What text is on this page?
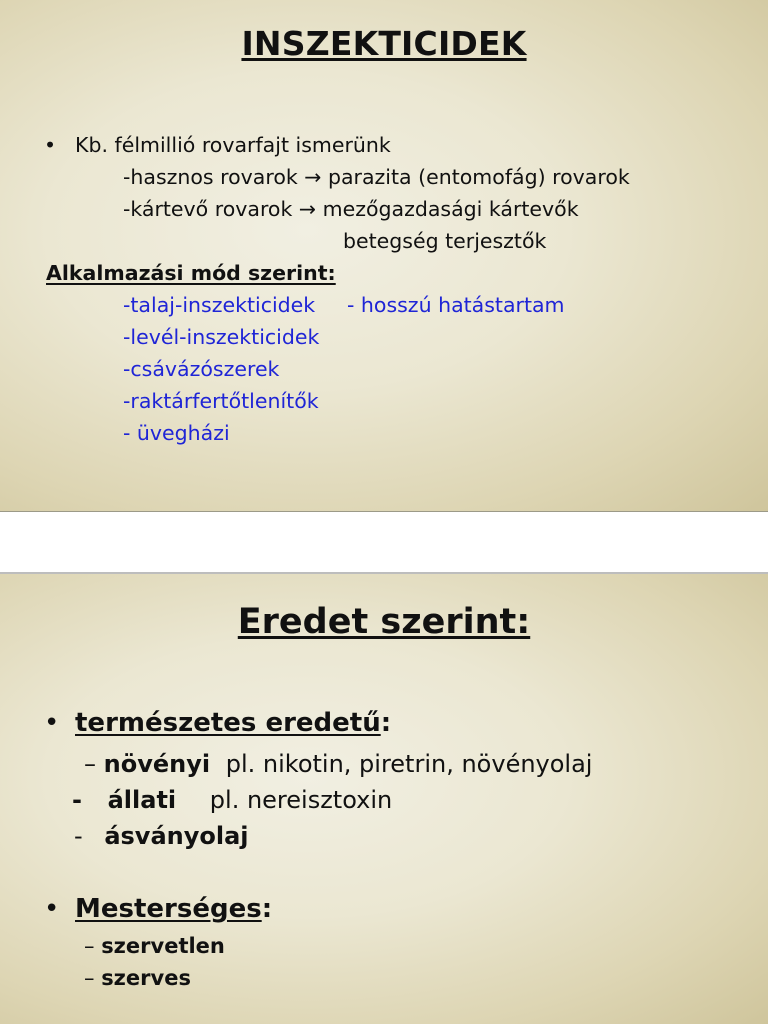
INSZEKTICIDEK
• Kb. félmillió rovarfajt ismerünk
-hasznos rovarok → parazita (entomofág) rovarok
-kártevő rovarok → mezőgazdasági kártevők
betegség terjesztők
Alkalmazási mód szerint:
-talaj-inszekticidek - hosszú hatástartam
-levél-inszekticidek
-csávázószerek
-raktárfertőtlenítők
- üvegházi
Eredet szerint:
• természetes eredetű:
– növényi pl. nikotin, piretrin, növényolaj
- állati pl. nereisztoxin
- ásványolaj
• Mesterséges:
– szervetlen
– szerves
